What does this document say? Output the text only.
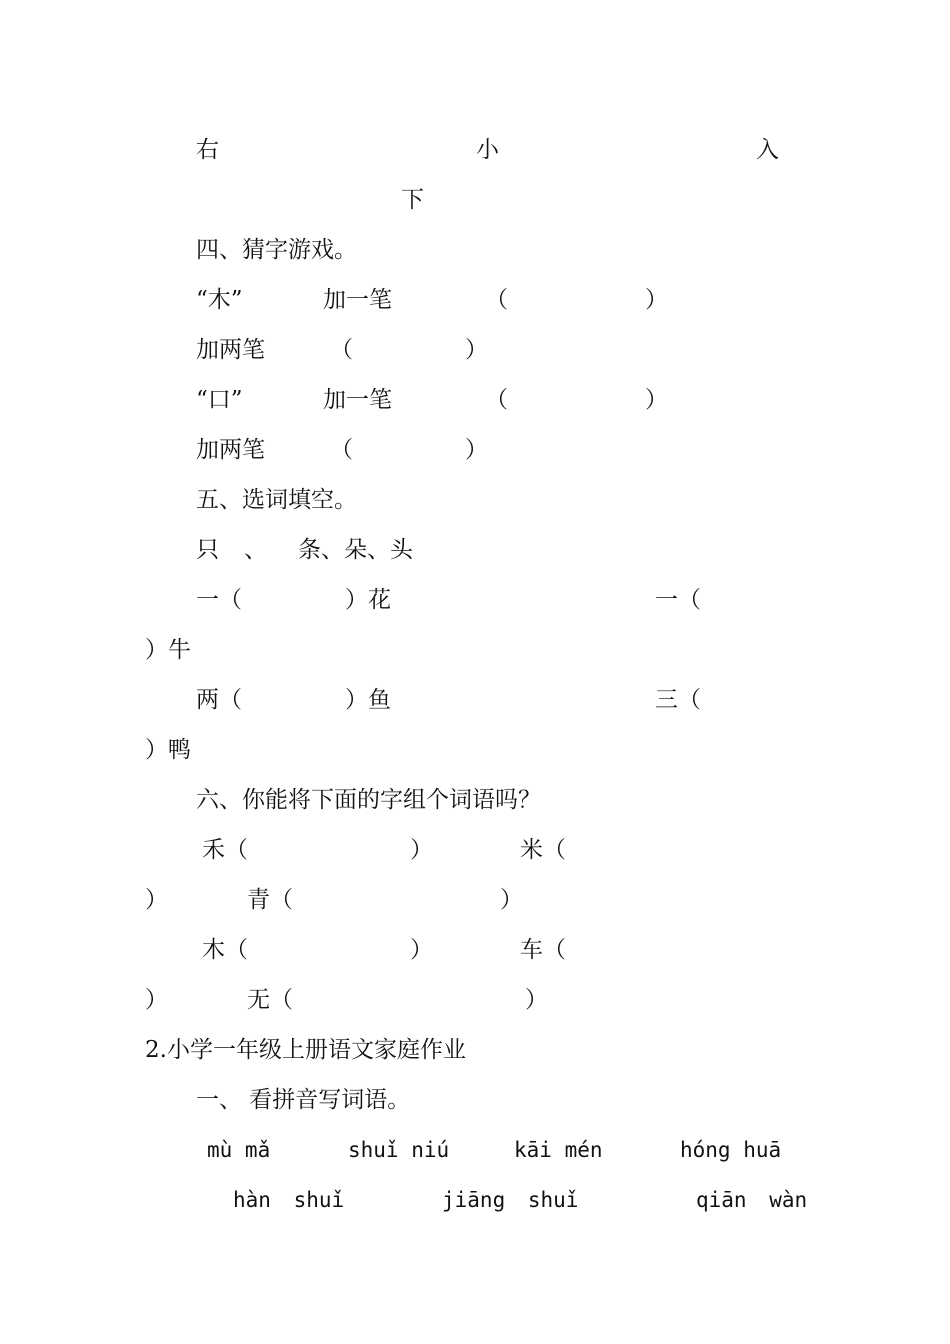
右	小	入
下
四、猜字游戏。
“木”	加一笔	（	）
加两笔	（	）
“口”	加一笔	（	）
加两笔	（	）
五、选词填空。
只 、 条、朵、头
一（	）花	一（
）牛
两（	）鱼	三（
）鸭
六、你能将下面的字组个词语吗？
禾（	）	米（
）	青（	）
木（	）	车（
）	无（	）
2.小学一年级上册语文家庭作业
一、 看拼音写词语。
mù mǎ	shuǐ niú	kāi mén	hóng huā
hàn shuǐ	jiāng shuǐ	qiān wàn
